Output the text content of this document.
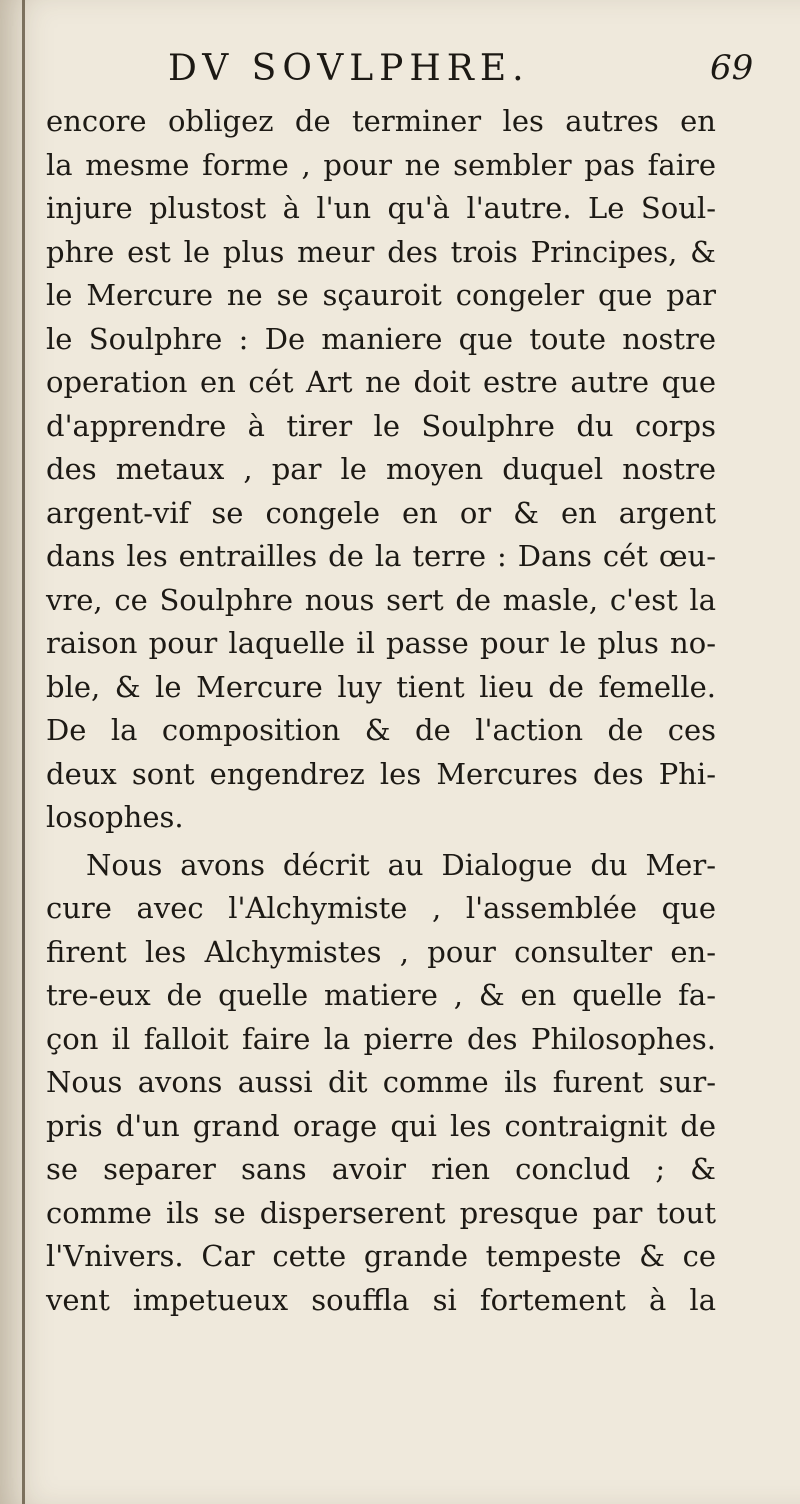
DV SOVLPHRE.	69
encore obligez de terminer les autres en
la mesme forme , pour ne sembler pas faire
injure plustost à l'un qu'à l'autre. Le Soul-
phre est le plus meur des trois Principes, &
le Mercure ne se sçauroit congeler que par
le Soulphre : De maniere que toute nostre
operation en cét Art ne doit estre autre que
d'apprendre à tirer le Soulphre du corps
des metaux , par le moyen duquel nostre
argent-vif se congele en or & en argent
dans les entrailles de la terre : Dans cét œu-
vre, ce Soulphre nous sert de masle, c'est la
raison pour laquelle il passe pour le plus no-
ble, & le Mercure luy tient lieu de femelle.
De la composition & de l'action de ces
deux sont engendrez les Mercures des Phi-
losophes.
Nous avons décrit au Dialogue du Mer-
cure avec l'Alchymiste , l'assemblée que
firent les Alchymistes , pour consulter en-
tre-eux de quelle matiere , & en quelle fa-
çon il falloit faire la pierre des Philosophes.
Nous avons aussi dit comme ils furent sur-
pris d'un grand orage qui les contraignit de
se separer sans avoir rien conclud ; &
comme ils se disperserent presque par tout
l'Vnivers. Car cette grande tempeste & ce
vent impetueux souffla si fortement à la
